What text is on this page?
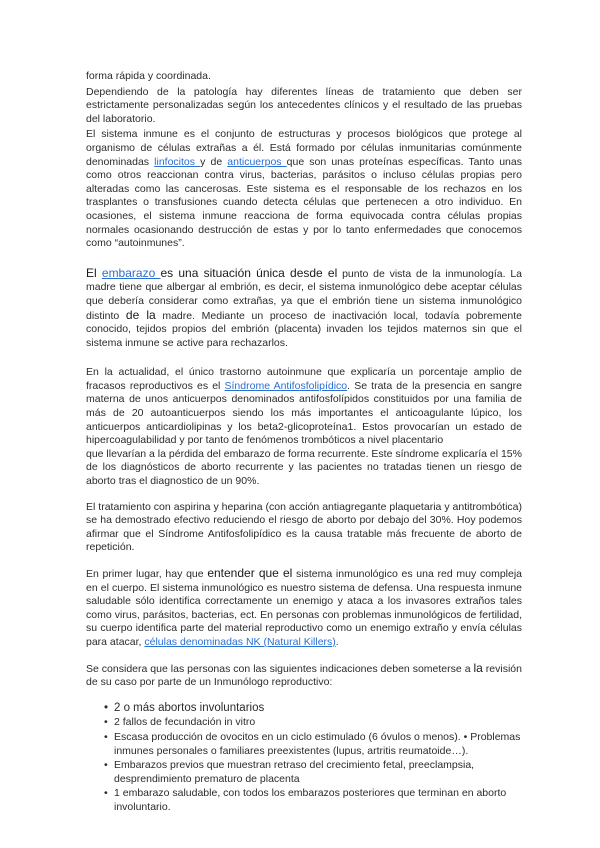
forma rápida y coordinada.

Dependiendo de la patología hay diferentes líneas de tratamiento que deben ser estrictamente personalizadas según los antecedentes clínicos y el resultado de las pruebas del laboratorio.

El sistema inmune es el conjunto de estructuras y procesos biológicos que protege al organismo de células extrañas a él. Está formado por células inmunitarias comúnmente denominadas linfocitos y de anticuerpos que son unas proteínas específicas. Tanto unas como otros reaccionan contra virus, bacterias, parásitos o incluso células propias pero alteradas como las cancerosas. Este sistema es el responsable de los rechazos en los trasplantes o transfusiones cuando detecta células que pertenecen a otro individuo. En ocasiones, el sistema inmune reacciona de forma equivocada contra células propias normales ocasionando destrucción de estas y por lo tanto enfermedades que conocemos como “autoinmunes”.

El embarazo es una situación única desde el punto de vista de la inmunología. La madre tiene que albergar al embrión, es decir, el sistema inmunológico debe aceptar células que debería considerar como extrañas, ya que el embrión tiene un sistema inmunológico distinto de la madre. Mediante un proceso de inactivación local, todavía pobremente conocido, tejidos propios del embrión (placenta) invaden los tejidos maternos sin que el sistema inmune se active para rechazarlos.

En la actualidad, el único trastorno autoinmune que explicaría un porcentaje amplio de fracasos reproductivos es el Síndrome Antifosfolipídico. Se trata de la presencia en sangre materna de unos anticuerpos denominados antifosfolípidos constituidos por una familia de más de 20 autoanticuerpos siendo los más importantes el anticoagulante lúpico, los anticuerpos anticardiolipinas y los beta2-glicoproteína1. Estos provocarían un estado de hipercoagulabilidad y por tanto de fenómenos trombóticos a nivel placentario

que llevarían a la pérdida del embarazo de forma recurrente. Este síndrome explicaría el 15% de los diagnósticos de aborto recurrente y las pacientes no tratadas tienen un riesgo de aborto tras el diagnostico de un 90%.

El tratamiento con aspirina y heparina (con acción antiagregante plaquetaria y antitrombótica) se ha demostrado efectivo reduciendo el riesgo de aborto por debajo del 30%. Hoy podemos afirmar que el Síndrome Antifosfolipídico es la causa tratable más frecuente de aborto de repetición.

En primer lugar, hay que entender que el sistema inmunológico es una red muy compleja en el cuerpo. El sistema inmunológico es nuestro sistema de defensa. Una respuesta inmune saludable sólo identifica correctamente un enemigo y ataca a los invasores extraños tales como virus, parásitos, bacterias, ect. En personas con problemas inmunológicos de fertilidad, su cuerpo identifica parte del material reproductivo como un enemigo extraño y envía células para atacar, células denominadas NK (Natural Killers).

Se considera que las personas con las siguientes indicaciones deben someterse a la revisión de su caso por parte de un Inmunólogo reproductivo:

• 2 o más abortos involuntarios
• 2 fallos de fecundación in vitro
• Escasa producción de ovocitos en un ciclo estimulado (6 óvulos o menos). • Problemas inmunes personales o familiares preexistentes (lupus, artritis reumatoide…).
• Embarazos previos que muestran retraso del crecimiento fetal, preeclampsia, desprendimiento prematuro de placenta
• 1 embarazo saludable, con todos los embarazos posteriores que terminan en aborto involuntario.
